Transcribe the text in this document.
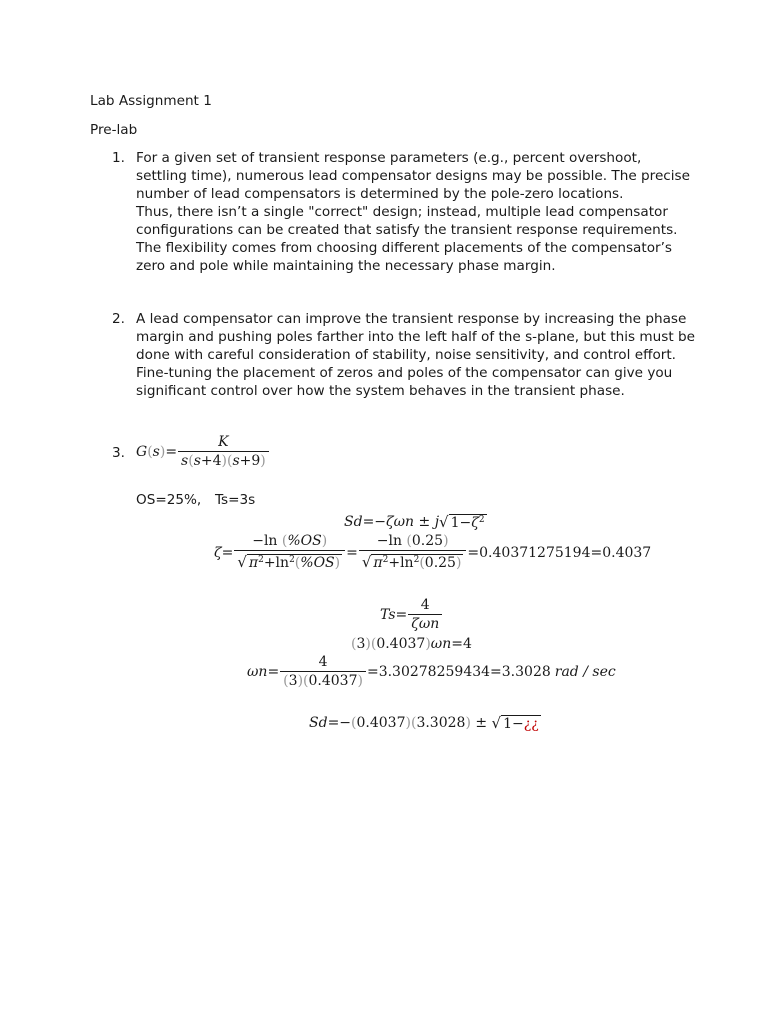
Lab Assignment 1
Pre-lab
1. For a given set of transient response parameters (e.g., percent overshoot, settling time), numerous lead compensator designs may be possible. The precise number of lead compensators is determined by the pole-zero locations.

Thus, there isn’t a single "correct" design; instead, multiple lead compensator configurations can be created that satisfy the transient response requirements. The flexibility comes from choosing different placements of the compensator’s zero and pole while maintaining the necessary phase margin.

2. A lead compensator can improve the transient response by increasing the phase margin and pushing poles farther into the left half of the s-plane, but this must be done with careful consideration of stability, noise sensitivity, and control effort. Fine-tuning the placement of zeros and poles of the compensator can give you significant control over how the system behaves in the transient phase.

3. G ( s ) = $\frac{K}{s(s+4)(s+9)}$
OS=25%, Ts=3s
Sd =− ζωn ± j √ $1-\zeta^2$
$\zeta = \frac{-\ln (\%OS)}{√ \pi^2+\ln^2(\%OS)} = \frac{-\ln (0.25)}{√ \pi^2+\ln^2(0.25)} =0.40371275194=0.4037$
$Ts = \frac{4}{\text{ζωn}}$
( 3 )( 0.4037 ) ωn =4
$\omega n = \frac{4}{(3)(0.4037)} =3.30278259434=3.3028$ rad / sec
Sd =− ( 0.4037 )( 3.3028 ) ± √ 1−¿¿
